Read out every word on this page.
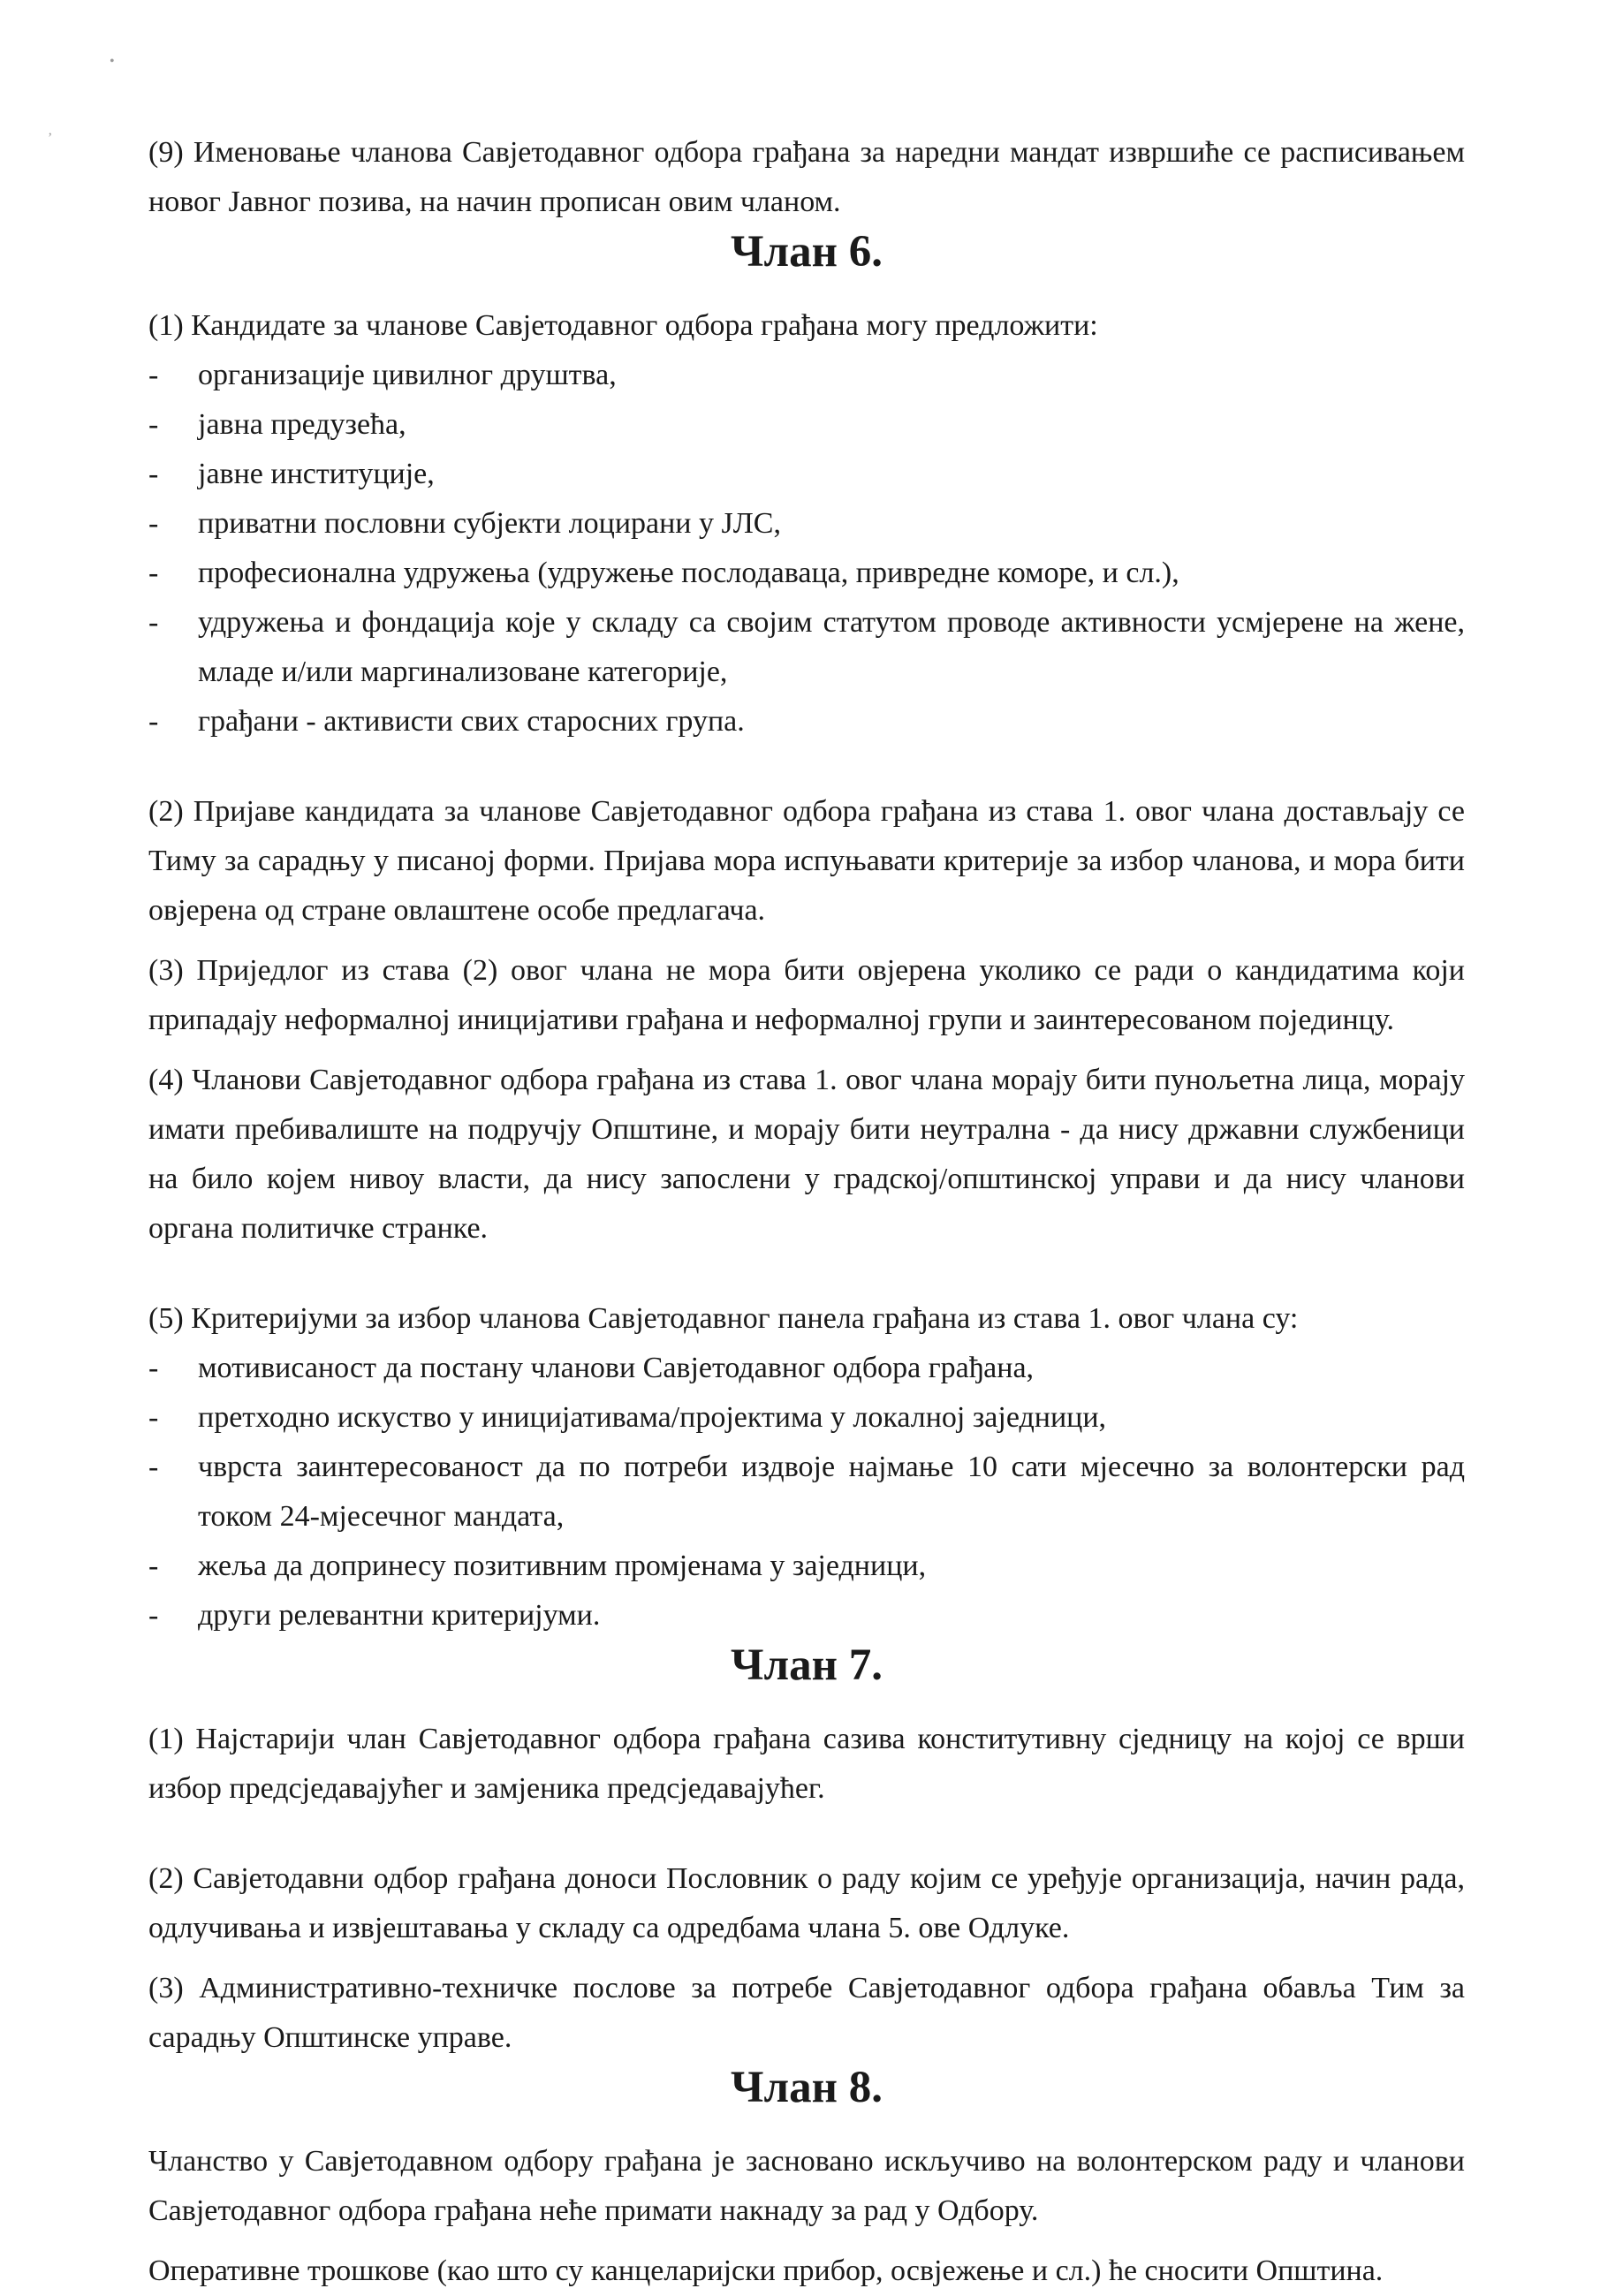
•
‚

(9) Именовање чланова Савјетодавног одбора грађана за наредни мандат извршиће се расписивањем новог Јавног позива, на начин прописан овим чланом.

Члан 6.

(1) Кандидате за чланове Савјетодавног одбора грађана могу предложити:

- организације цивилног друштва,
- јавна предузећа,
- јавне институције,
- приватни пословни субјекти лоцирани у ЈЛС,
- професионална удружења (удружење послодаваца, привредне коморе, и сл.),
- удружења и фондација које у складу са својим статутом проводе активности усмјерене на жене, младе и/или маргинализоване категорије,
- грађани - активисти свих старосних група.

(2) Пријаве кандидата за чланове Савјетодавног одбора грађана из става 1. овог члана достављају се Тиму за сарадњу у писаној форми. Пријава мора испуњавати критерије за избор чланова, и мора бити овјерена од стране овлаштене особе предлагача.

(3) Приједлог из става (2) овог члана не мора бити овјерена уколико се ради о кандидатима који припадају неформалној иницијативи грађана и неформалној групи и заинтересованом појединцу.

(4) Чланови Савјетодавног одбора грађана из става 1. овог члана морају бити пунољетна лица, морају имати пребивалиште на подручју Општине, и морају бити неутрална - да нису државни службеници на било којем нивоу власти, да нису запослени у градској/општинској управи и да нису чланови органа политичке странке.

(5) Критеријуми за избор чланова Савјетодавног панела грађана из става 1. овог члана су:

- мотивисаност да постану чланови Савјетодавног одбора грађана,
- претходно искуство у иницијативама/пројектима у локалној заједници,
- чврста заинтересованост да по потреби издвоје најмање 10 сати мјесечно за волонтерски рад током 24-мјесечног мандата,
- жеља да допринесу позитивним промјенама у заједници,
- други релевантни критеријуми.
Члан 7.

(1) Најстарији члан Савјетодавног одбора грађана сазива конститутивну сједницу на којој се врши избор предсједавајућег и замјеника предсједавајућег.

(2) Савјетодавни одбор грађана доноси Пословник о раду којим се уређује организација, начин рада, одлучивања и извјештавања у складу са одредбама члана 5. ове Одлуке.

(3) Административно-техничке послове за потребе Савјетодавног одбора грађана обавља Тим за сарадњу Општинске управе.

Члан 8.

Чланство у Савјетодавном одбору грађана је засновано искључиво на волонтерском раду и чланови Савјетодавног одбора грађана неће примати накнаду за рад у Одбору.

Оперативне трошкове (као што су канцеларијски прибор, освјежење и сл.) ће сносити Општина.
